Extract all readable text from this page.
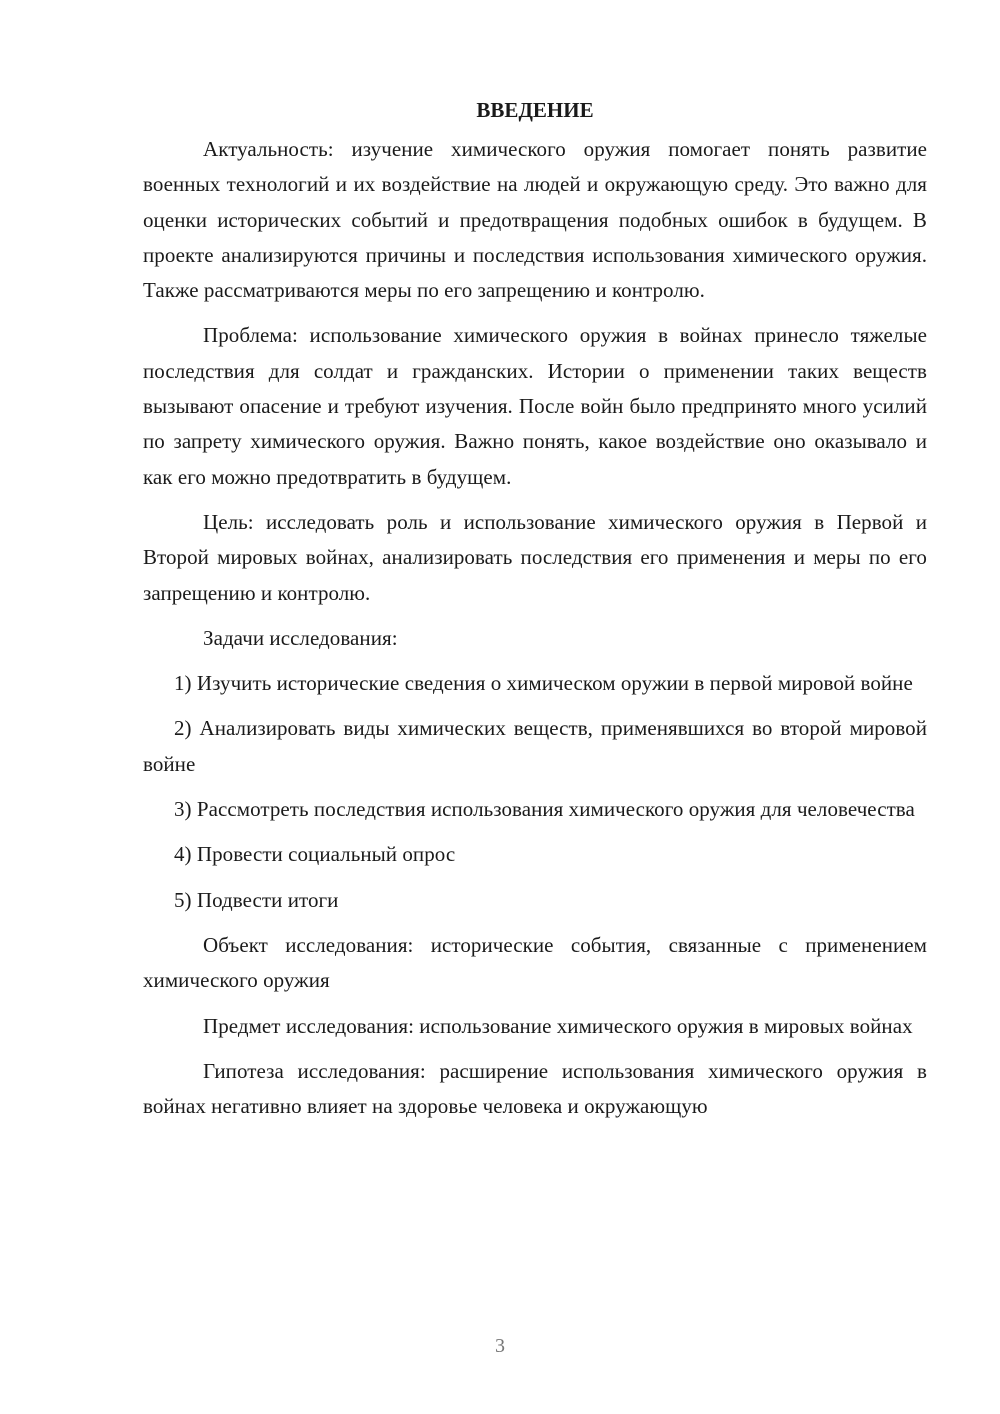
ВВЕДЕНИЕ

Актуальность: изучение химического оружия помогает понять развитие военных технологий и их воздействие на людей и окружающую среду. Это важно для оценки исторических событий и предотвращения подобных ошибок в будущем. В проекте анализируются причины и последствия использования химического оружия. Также рассматриваются меры по его запрещению и контролю.

Проблема: использование химического оружия в войнах принесло тяжелые последствия для солдат и гражданских. Истории о применении таких веществ вызывают опасение и требуют изучения. После войн было предпринято много усилий по запрету химического оружия. Важно понять, какое воздействие оно оказывало и как его можно предотвратить в будущем.

Цель: исследовать роль и использование химического оружия в Первой и Второй мировых войнах, анализировать последствия его применения и меры по его запрещению и контролю.

Задачи исследования:

1) Изучить исторические сведения о химическом оружии в первой мировой войне

2) Анализировать виды химических веществ, применявшихся во второй мировой войне

3) Рассмотреть последствия использования химического оружия для человечества

4) Провести социальный опрос

5) Подвести итоги

Объект исследования: исторические события, связанные с применением химического оружия

Предмет исследования: использование химического оружия в мировых войнах

Гипотеза исследования: расширение использования химического оружия в войнах негативно влияет на здоровье человека и окружающую

3
